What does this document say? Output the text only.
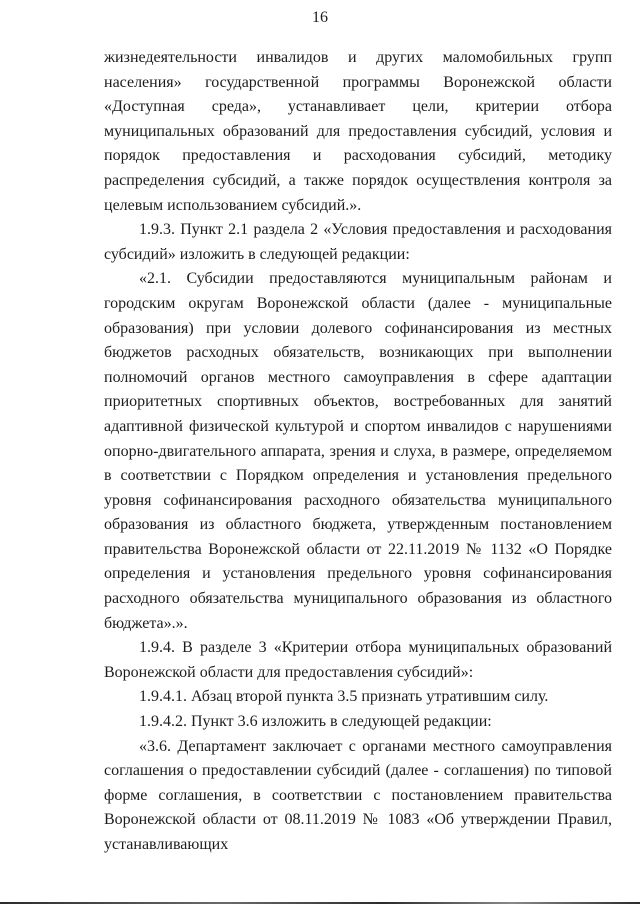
16

жизнедеятельности инвалидов и других маломобильных групп населения» государственной программы Воронежской области «Доступная среда», устанавливает цели, критерии отбора муниципальных образований для предоставления субсидий, условия и порядок предоставления и расходования субсидий, методику распределения субсидий, а также порядок осуществления контроля за целевым использованием субсидий.».

1.9.3. Пункт 2.1 раздела 2 «Условия предоставления и расходования субсидий» изложить в следующей редакции:

«2.1. Субсидии предоставляются муниципальным районам и городским округам Воронежской области (далее - муниципальные образования) при условии долевого софинансирования из местных бюджетов расходных обязательств, возникающих при выполнении полномочий органов местного самоуправления в сфере адаптации приоритетных спортивных объектов, востребованных для занятий адаптивной физической культурой и спортом инвалидов с нарушениями опорно-двигательного аппарата, зрения и слуха, в размере, определяемом в соответствии с Порядком определения и установления предельного уровня софинансирования расходного обязательства муниципального образования из областного бюджета, утвержденным постановлением правительства Воронежской области от 22.11.2019 № 1132 «О Порядке определения и установления предельного уровня софинансирования расходного обязательства муниципального образования из областного бюджета».».

1.9.4. В разделе 3 «Критерии отбора муниципальных образований Воронежской области для предоставления субсидий»:

1.9.4.1. Абзац второй пункта 3.5 признать утратившим силу.

1.9.4.2. Пункт 3.6 изложить в следующей редакции:

«3.6. Департамент заключает с органами местного самоуправления соглашения о предоставлении субсидий (далее - соглашения) по типовой форме соглашения, в соответствии с постановлением правительства Воронежской области от 08.11.2019 № 1083 «Об утверждении Правил, устанавливающих
